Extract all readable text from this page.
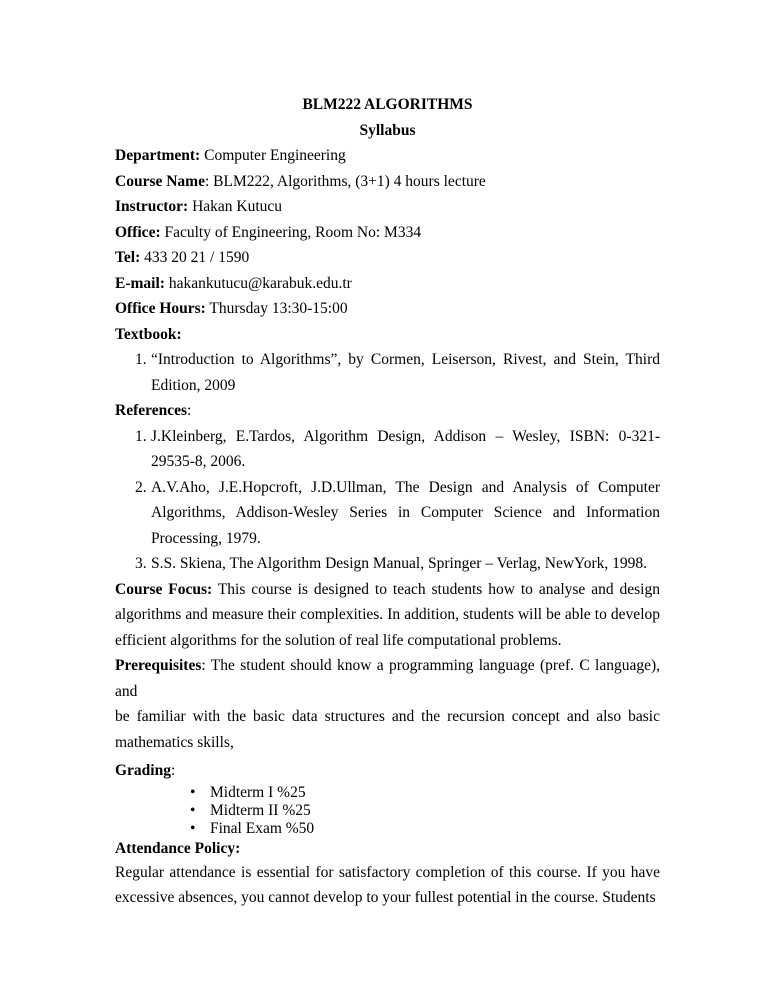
BLM222 ALGORITHMS
Syllabus
Department: Computer Engineering
Course Name: BLM222, Algorithms, (3+1) 4 hours lecture
Instructor: Hakan Kutucu
Office: Faculty of Engineering, Room No: M334
Tel: 433 20 21 / 1590
E-mail: hakankutucu@karabuk.edu.tr
Office Hours: Thursday 13:30-15:00
Textbook:
1. “Introduction to Algorithms”, by Cormen, Leiserson, Rivest, and Stein, Third
Edition, 2009
References:
1. J.Kleinberg, E.Tardos, Algorithm Design, Addison – Wesley, ISBN: 0-321-
29535-8, 2006.
2. A.V.Aho, J.E.Hopcroft, J.D.Ullman, The Design and Analysis of Computer
Algorithms, Addison-Wesley Series in Computer Science and Information
Processing, 1979.
3. S.S. Skiena, The Algorithm Design Manual, Springer – Verlag, NewYork, 1998.
Course Focus: This course is designed to teach students how to analyse and design
algorithms and measure their complexities. In addition, students will be able to develop
efficient algorithms for the solution of real life computational problems.
Prerequisites: The student should know a programming language (pref. C language), and
be familiar with the basic data structures and the recursion concept and also basic
mathematics skills,
Grading:
• Midterm I %25
• Midterm II %25
• Final Exam %50
Attendance Policy:
Regular attendance is essential for satisfactory completion of this course. If you have
excessive absences, you cannot develop to your fullest potential in the course. Students
